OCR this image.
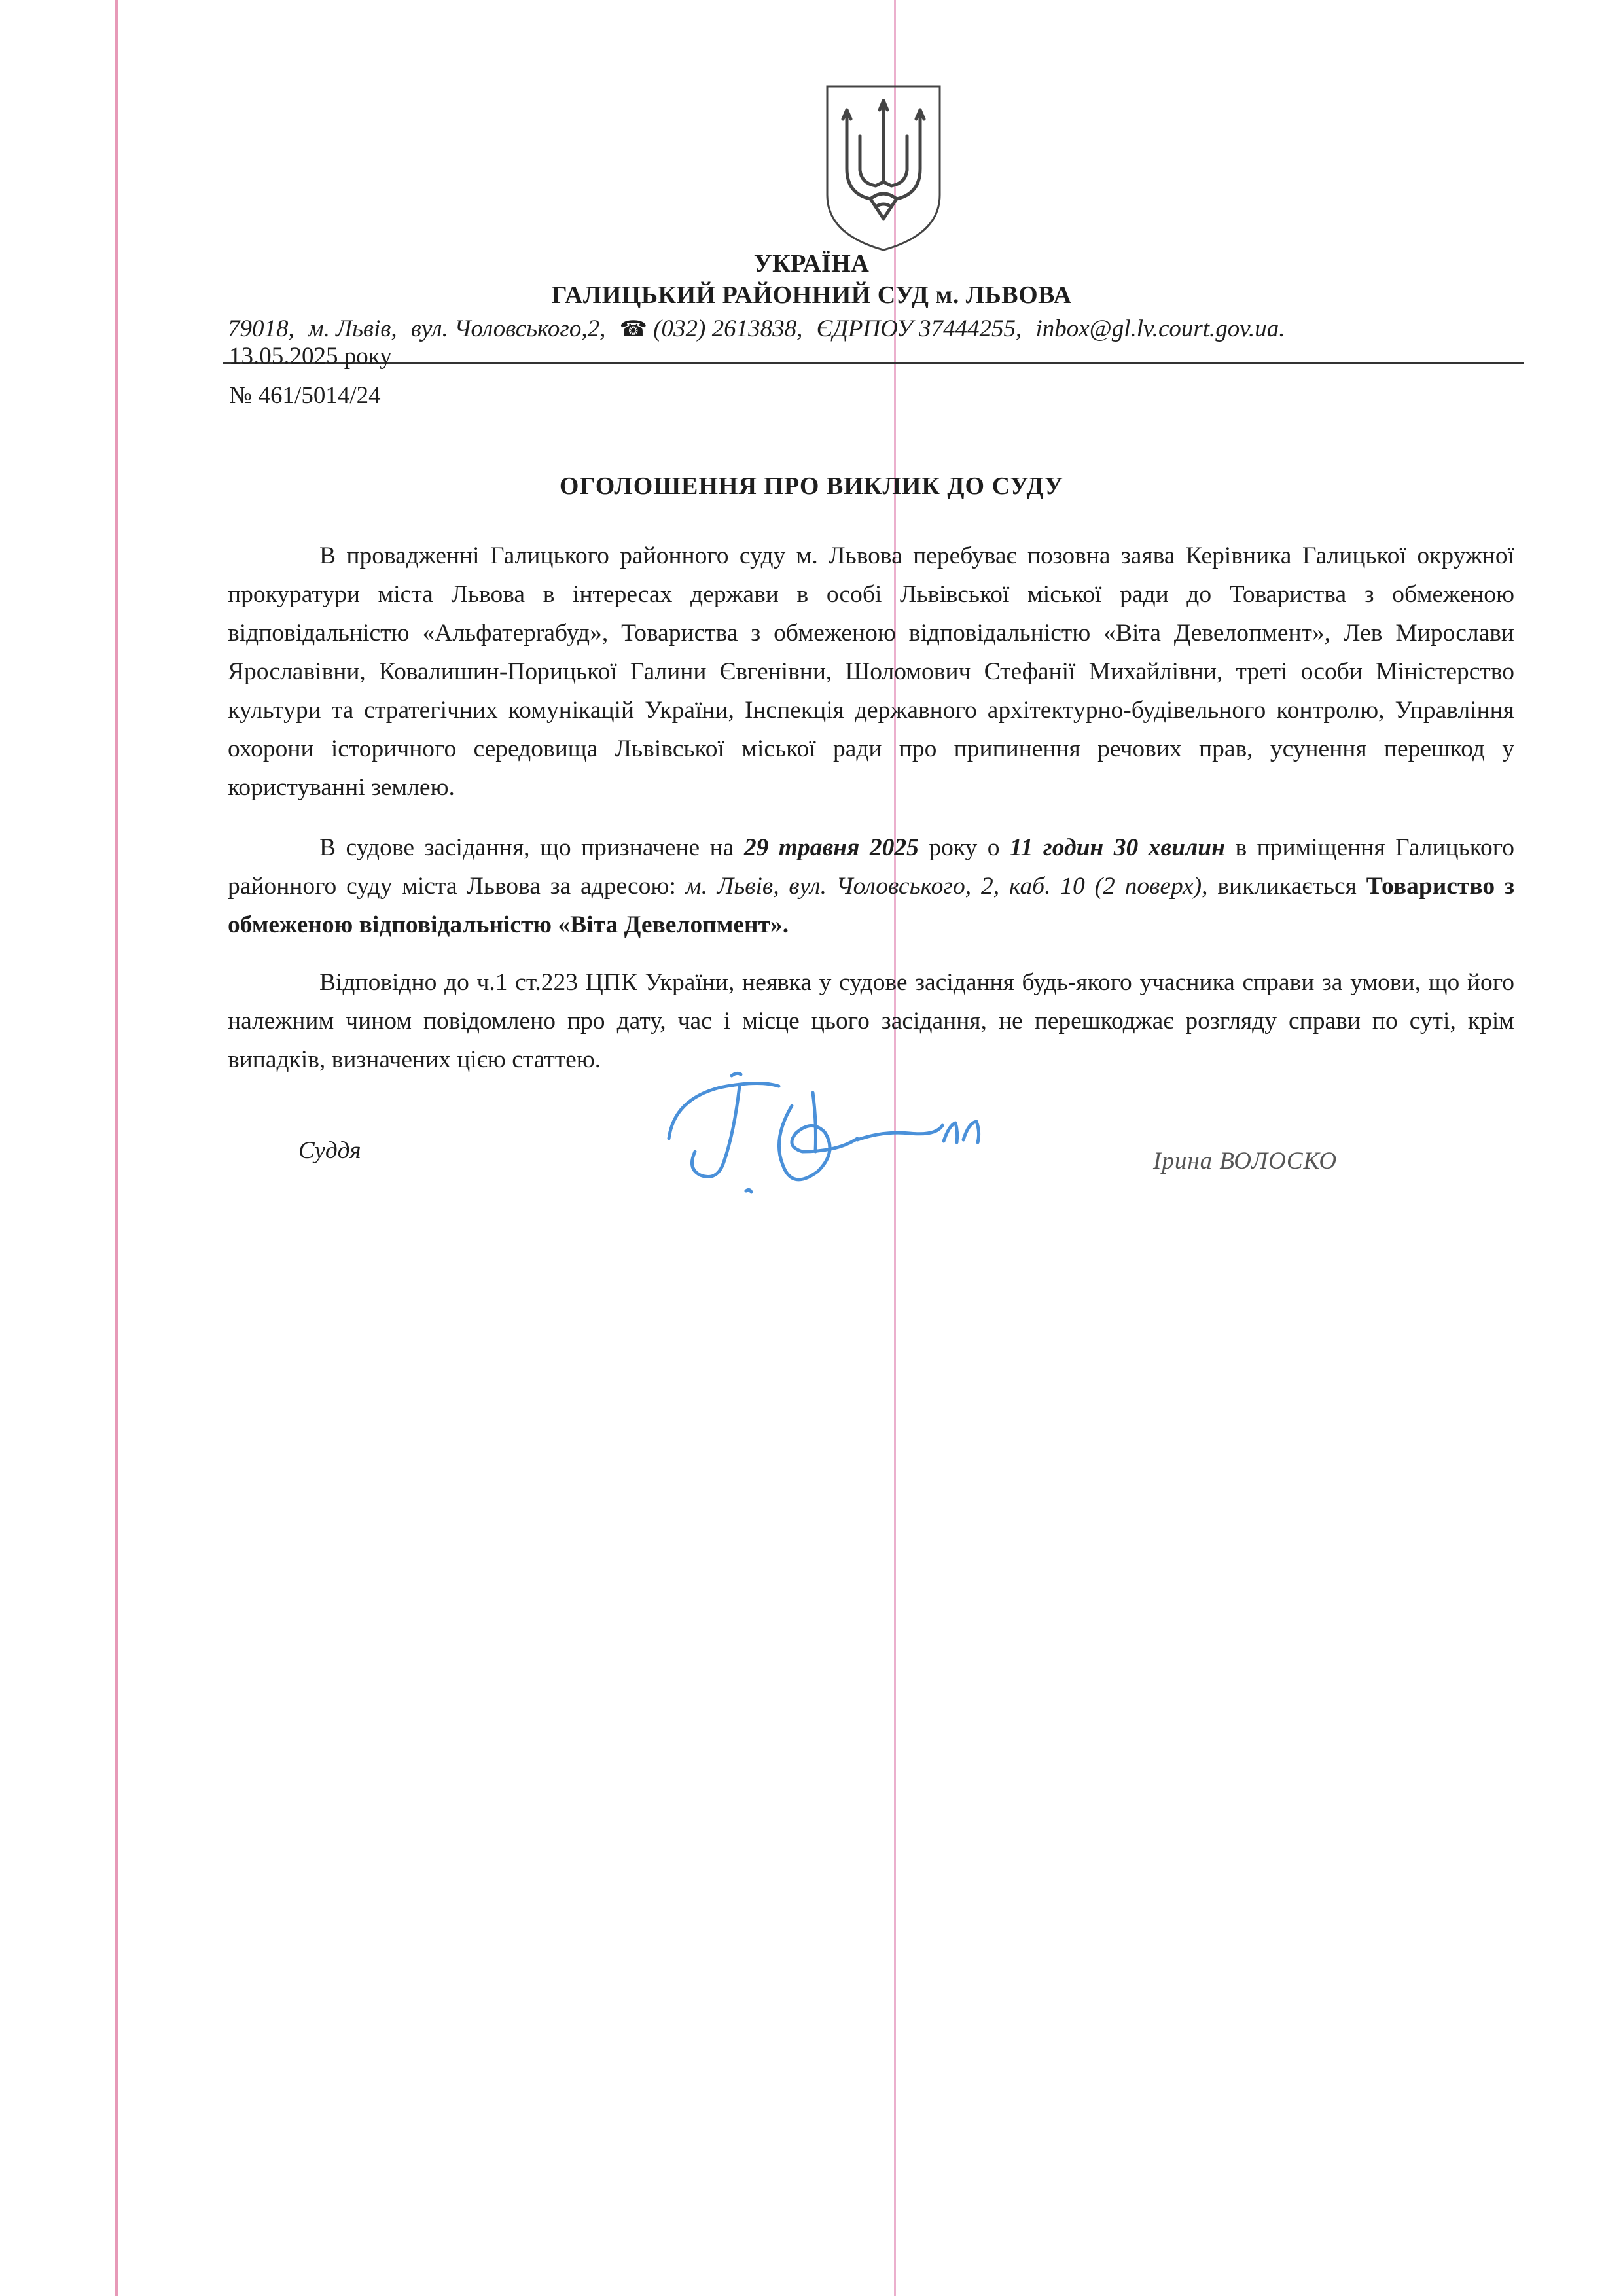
УКРАЇНА
ГАЛИЦЬКИЙ РАЙОННИЙ СУД м. ЛЬВОВА
79018, м. Львів, вул. Чоловського,2, ☎ (032) 2613838, ЄДРПОУ 37444255, inbox@gl.lv.court.gov.ua.
13.05.2025 року
№ 461/5014/24
ОГОЛОШЕННЯ ПРО ВИКЛИК ДО СУДУ

В провадженні Галицького районного суду м. Львова перебуває позовна заява Керівника Галицької окружної прокуратури міста Львова в інтересах держави в особі Львівської міської ради до Товариства з обмеженою відповідальністю «Альфатерrабуд», Товариства з обмеженою відповідальністю «Віта Девелопмент», Лев Мирослави Ярославівни, Ковалишин-Порицької Галини Євгенівни, Шоломович Стефанії Михайлівни, треті особи Міністерство культури та стратегічних комунікацій України, Інспекція державного архітектурно-будівельного контролю, Управління охорони історичного середовища Львівської міської ради про припинення речових прав, усунення перешкод у користуванні землею.

В судове засідання, що призначене на 29 травня 2025 року о 11 годин 30 хвилин в приміщення Галицького районного суду міста Львова за адресою: м. Львів, вул. Чоловського, 2, каб. 10 (2 поверх), викликається Товариство з обмеженою відповідальністю «Віта Девелопмент».

Відповідно до ч.1 ст.223 ЦПК України, неявка у судове засідання будь-якого учасника справи за умови, що його належним чином повідомлено про дату, час і місце цього засідання, не перешкоджає розгляду справи по суті, крім випадків, визначених цією статтею.

Суддя	Ірина ВОЛОСКО
